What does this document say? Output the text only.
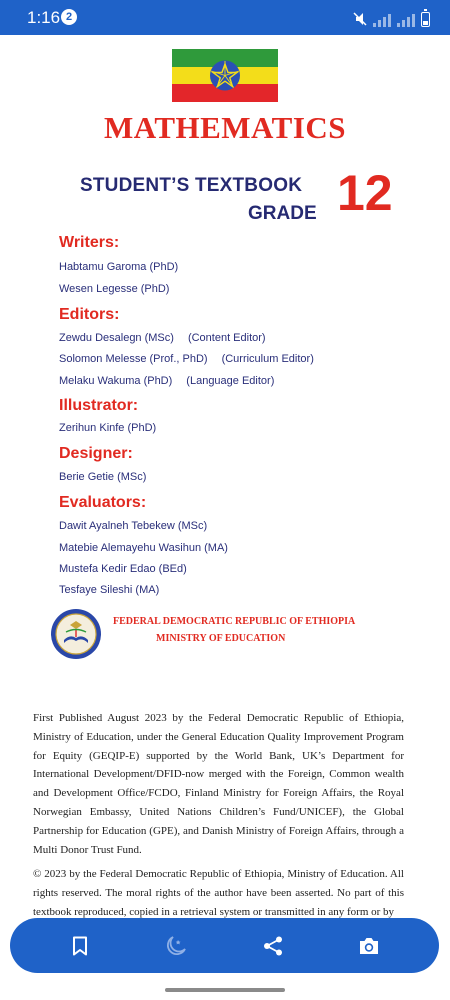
1:16 2
MATHEMATICS
STUDENT’S TEXTBOOK
GRADE 12
Writers:
Habtamu Garoma (PhD)
Wesen Legesse (PhD)
Editors:
Zewdu Desalegn (MSc) (Content Editor)
Solomon Melesse (Prof., PhD) (Curriculum Editor)
Melaku Wakuma (PhD) (Language Editor)
Illustrator:
Zerihun Kinfe (PhD)
Designer:
Berie Getie (MSc)
Evaluators:
Dawit Ayalneh Tebekew (MSc)
Matebie Alemayehu Wasihun (MA)
Mustefa Kedir Edao (BEd)
Tesfaye Sileshi (MA)
FEDERAL DEMOCRATIC REPUBLIC OF ETHIOPIA
MINISTRY OF EDUCATION
First Published August 2023 by the Federal Democratic Republic of Ethiopia, Ministry of Education, under the General Education Quality Improvement Program for Equity (GEQIP-E) supported by the World Bank, UK’s Department for International Development/DFID-now merged with the Foreign, Common wealth and Development Office/FCDO, Finland Ministry for Foreign Affairs, the Royal Norwegian Embassy, United Nations Children’s Fund/UNICEF), the Global Partnership for Education (GPE), and Danish Ministry of Foreign Affairs, through a Multi Donor Trust Fund.
© 2023 by the Federal Democratic Republic of Ethiopia, Ministry of Education. All rights reserved. The moral rights of the author have been asserted. No part of this textbook reproduced, copied in a retrieval system or transmitted in any form or by
